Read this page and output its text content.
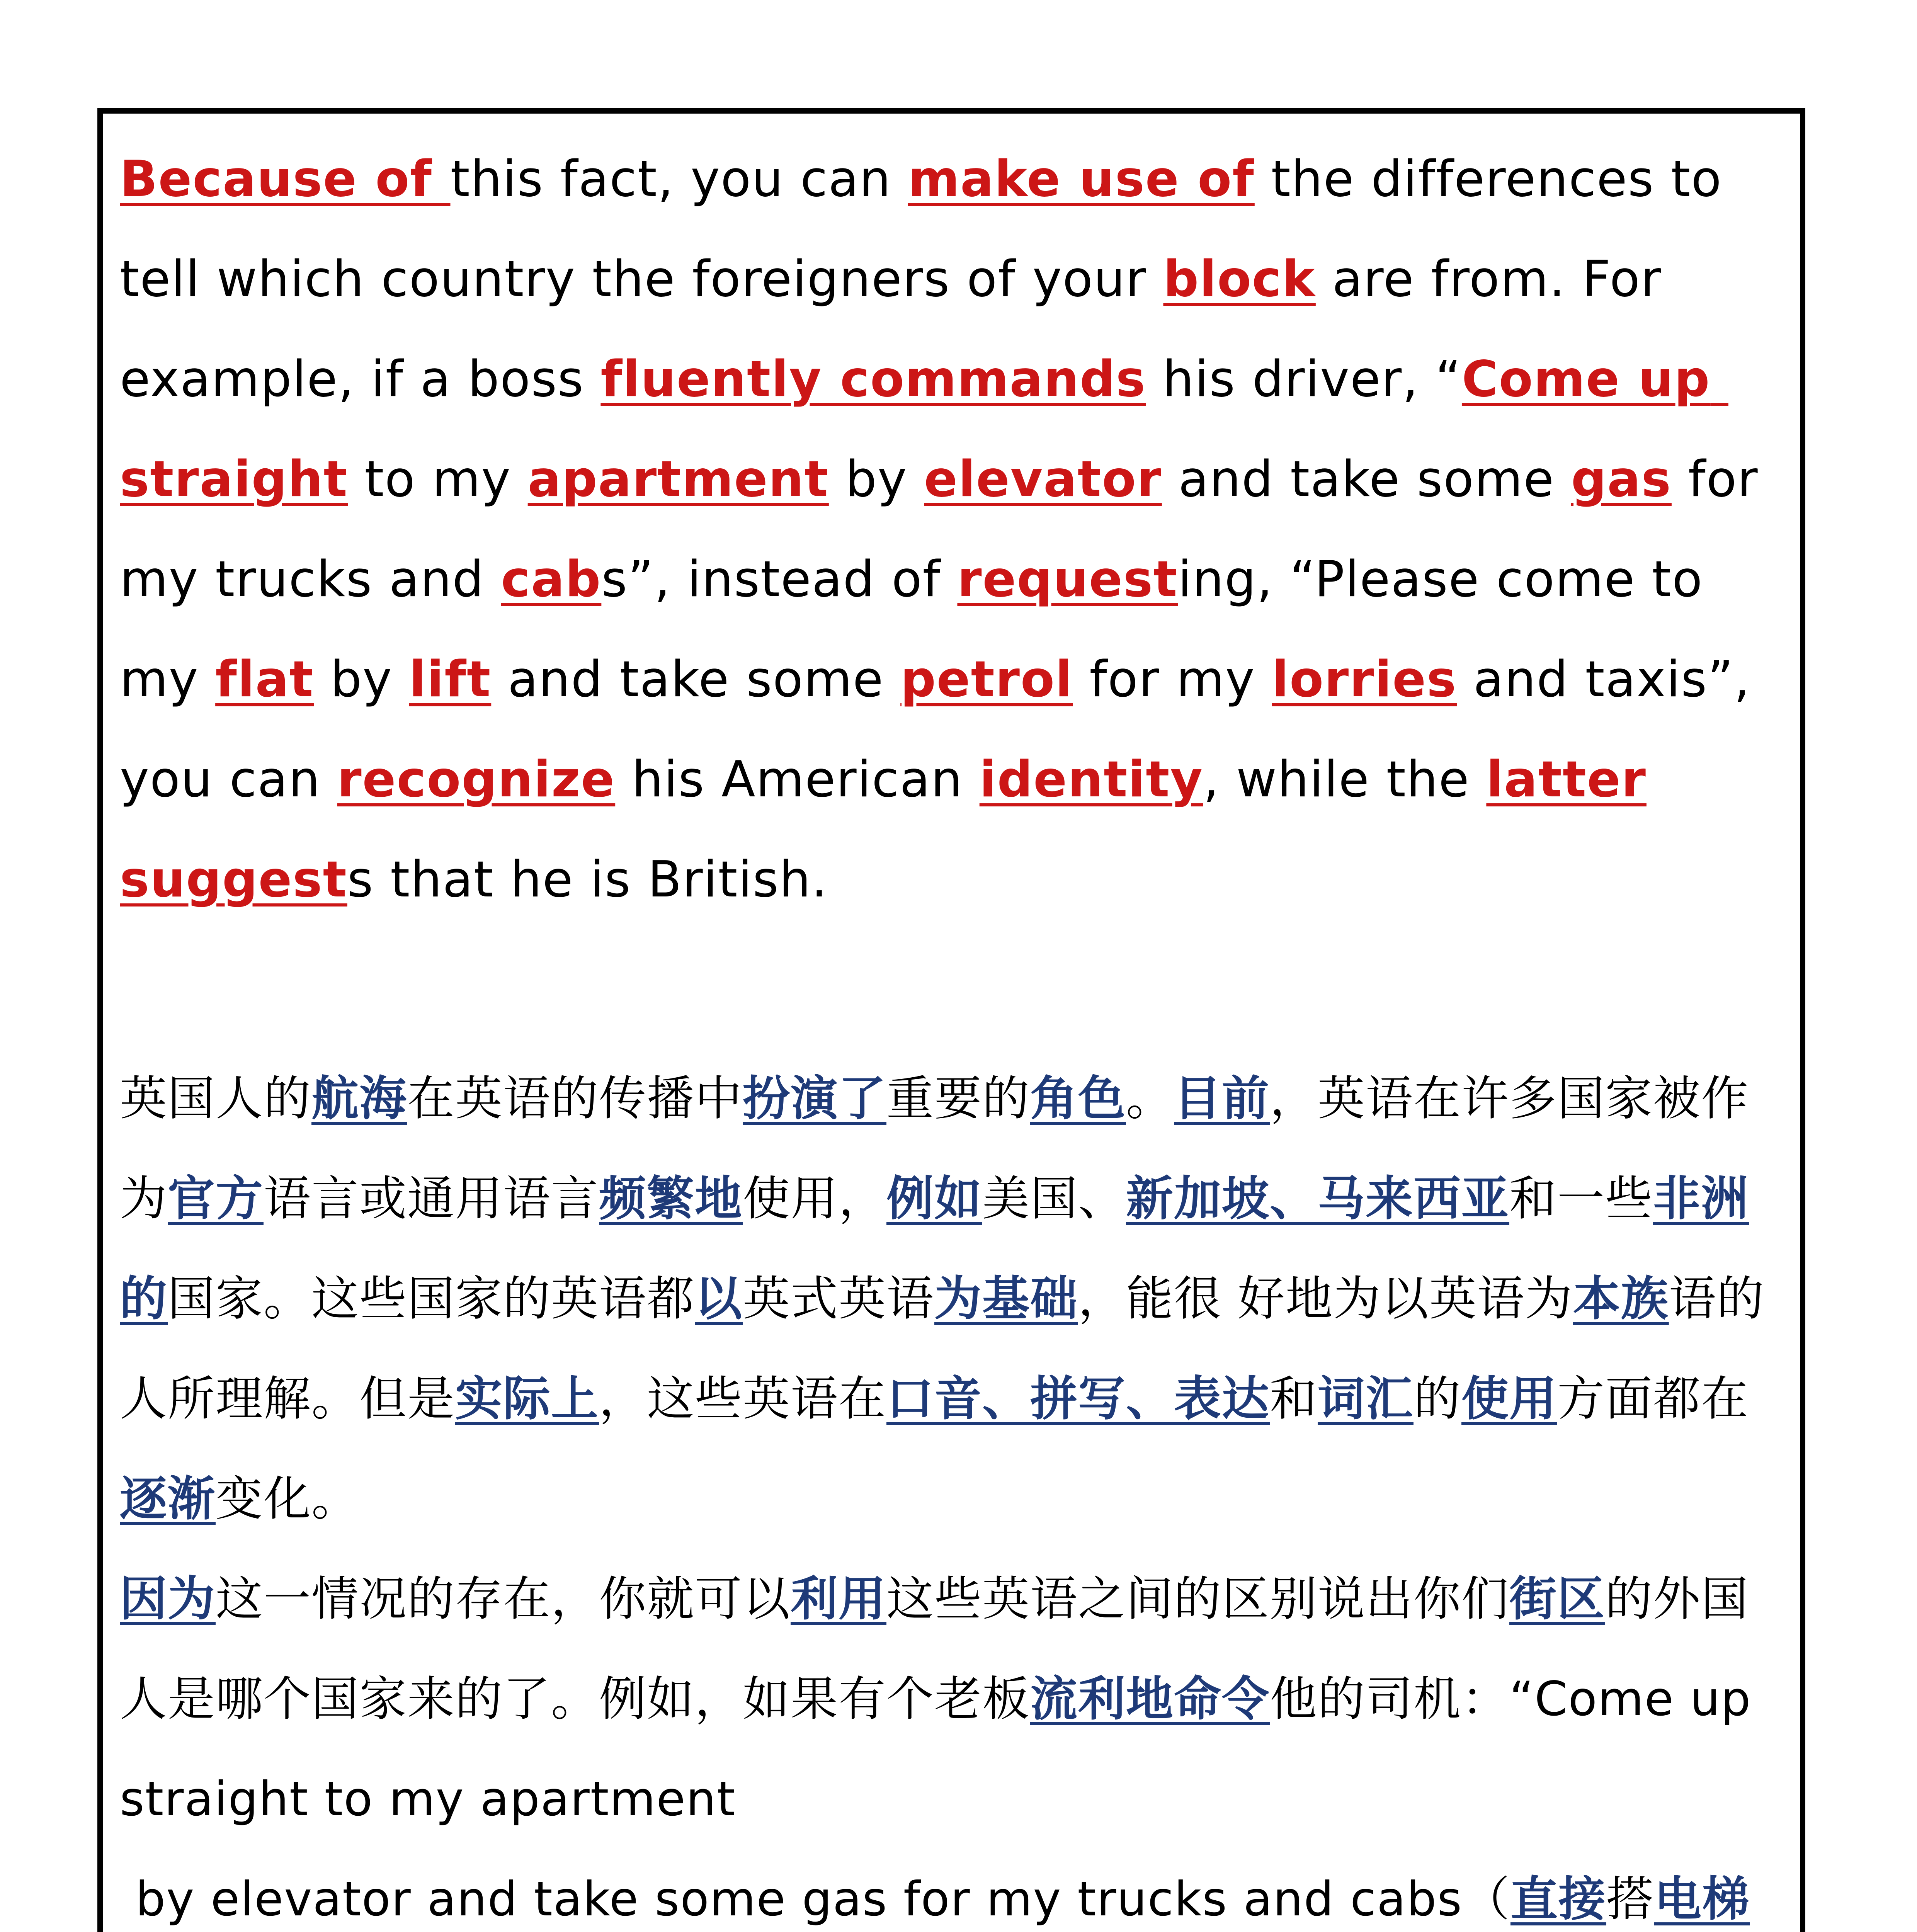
Because of this fact, you can make use of the differences to tell which country the foreigners of your block are from. For example, if a boss fluently commands his driver, “Come up straight to my apartment by elevator and take some gas for my trucks and cabs”, instead of requesting, “Please come to my flat by lift and take some petrol for my lorries and taxis”, you can recognize his American identity, while the latter suggests that he is British.

英国人的航海在英语的传播中扮演了重要的角色。目前，英语在许多国家被作为官方语言或通用语言频繁地使用，例如美国、新加坡、马来西亚和一些非洲的国家。这些国家的英语都以英式英语为基础，能很 好地为以英语为本族语的人所理解。但是实际上，这些英语在口音、拼写、表达和词汇的使用方面都在逐渐变化。
因为这一情况的存在，你就可以利用这些英语之间的区别说出你们街区的外国人是哪个国家来的了。例如，如果有个老板流利地命令他的司机：“Come up straight to my apartment
by elevator and take some gas for my trucks and cabs（直接搭电梯
